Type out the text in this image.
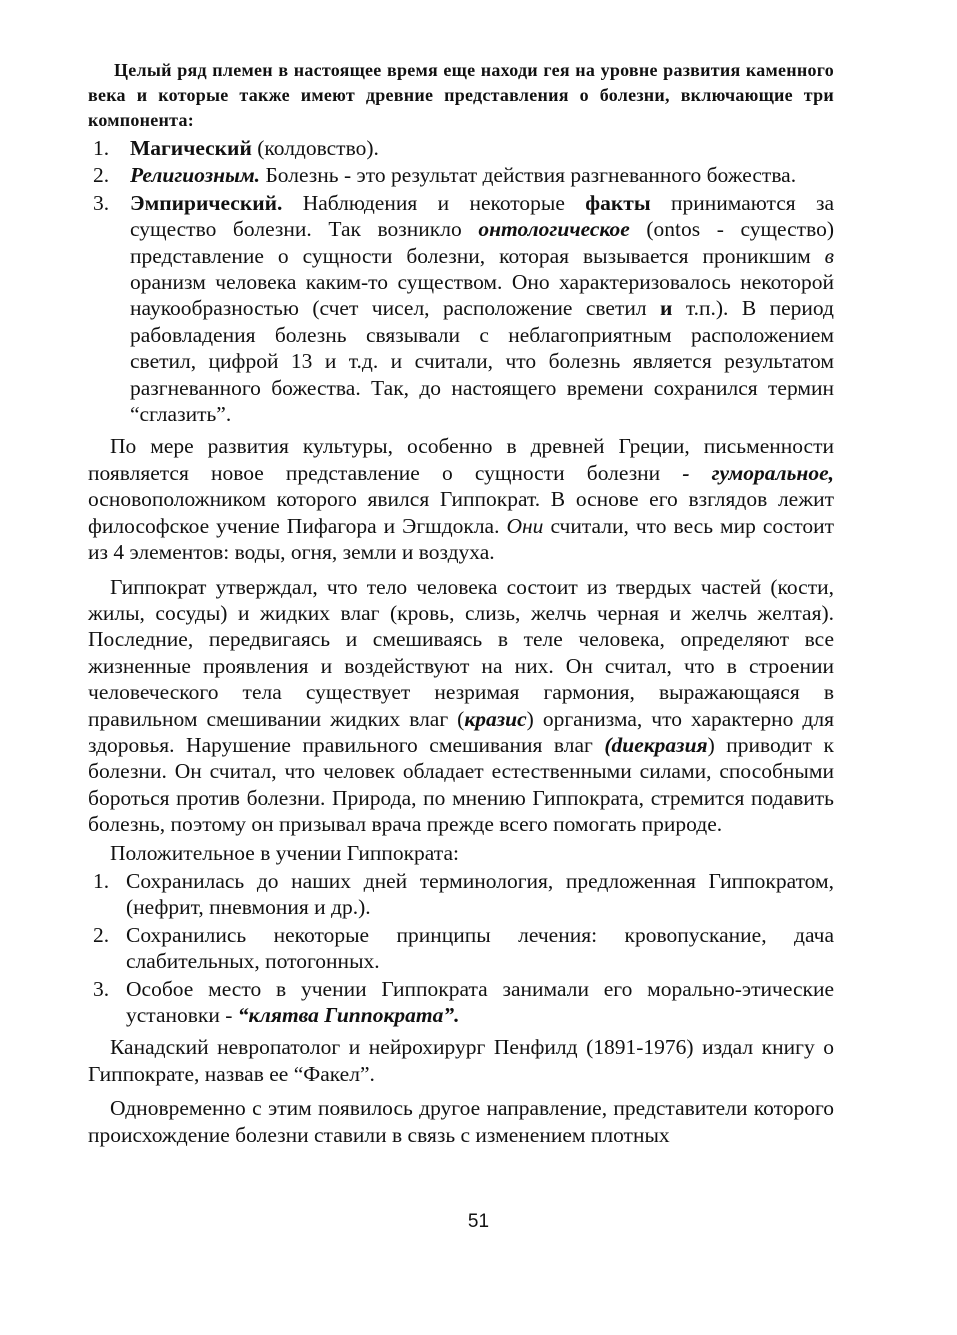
Целый ряд племен в настоящее время еще находи гея на уровне развития каменного века и которые также имеют древние представления о болезни, включающие три компонента:

1. Магический (колдовство).
2. Религиозным. Болезнь - это результат действия разгневанного божества.
3. Эмпирический. Наблюдения и некоторые факты принимаются за существо болезни. Так возникло онтологическое (ontos - существо) представление о сущности болезни, которая вызывается проникшим в оранизм человека каким-то существом. Оно характеризовалось некоторой наукообразностью (счет чисел, расположение светил и т.п.). В период рабовладения болезнь связывали с неблагоприятным расположением светил, цифрой 13 и т.д. и считали, что болезнь является результатом разгневанного божества. Так, до настоящего времени сохранился термин “сглазить”.

По мере развития культуры, особенно в древней Греции, письменности появляется новое представление о сущности болезни - гуморальное, основоположником которого явился Гиппократ. В основе его взглядов лежит философское учение Пифагора и Эгшдокла. Они считали, что весь мир состоит из 4 элементов: воды, огня, земли и воздуха.

Гиппократ утверждал, что тело человека состоит из твердых частей (кости, жилы, сосуды) и жидких влаг (кровь, слизь, желчь черная и желчь желтая). Последние, передвигаясь и смешиваясь в теле человека, определяют все жизненные проявления и воздействуют на них. Он считал, что в строении человеческого тела существует незримая гармония, выражающаяся в правильном смешивании жидких влаг (кразис) организма, что характерно для здоровья. Нарушение правильного смешивания влаг (dueкразия) приводит к болезни. Он считал, что человек обладает естественными силами, способными бороться против болезни. Природа, по мнению Гиппократа, стремится подавить болезнь, поэтому он призывал врача прежде всего помогать природе.

Положительное в учении Гиппократа:

1. Сохранилась до наших дней терминология, предложенная Гиппократом, (нефрит, пневмония и др.).
2. Сохранились некоторые принципы лечения: кровопускание, дача слабительных, потогонных.
3. Особое место в учении Гиппократа занимали его морально-этические установки - “клятва Гиппократа”.

Канадский невропатолог и нейрохирург Пенфилд (1891-1976) издал книгу о Гиппократе, назвав ее “Факел”.

Одновременно с этим появилось другое направление, представители которого происхождение болезни ставили в связь с изменением плотных

51
